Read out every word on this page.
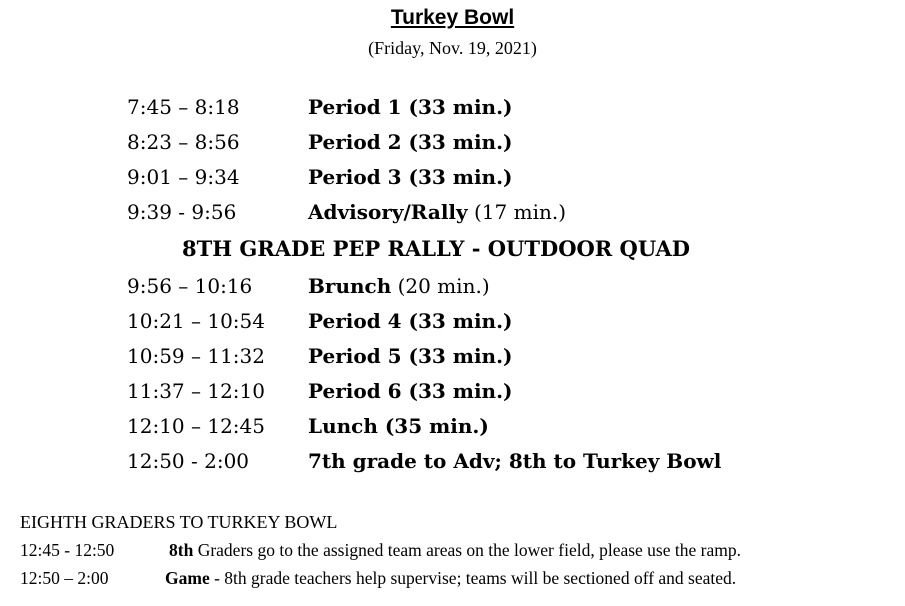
Turkey Bowl
(Friday, Nov. 19, 2021)
7:45 – 8:18	Period 1 (33 min.)
8:23 – 8:56	Period 2 (33 min.)
9:01 – 9:34	Period 3 (33 min.)
9:39 - 9:56	Advisory/Rally (17 min.)
8TH GRADE PEP RALLY - OUTDOOR QUAD
9:56 – 10:16	Brunch (20 min.)
10:21 – 10:54 Period 4 (33 min.)
10:59 – 11:32 Period 5 (33 min.)
11:37 – 12:10 Period 6 (33 min.)
12:10 – 12:45 Lunch (35 min.)
12:50 - 2:00	7th grade to Adv; 8th to Turkey Bowl
EIGHTH GRADERS TO TURKEY BOWL
12:45 - 12:50	8th Graders go to the assigned team areas on the lower field, please use the ramp.
12:50 – 2:00	Game - 8th grade teachers help supervise; teams will be sectioned off and seated.
